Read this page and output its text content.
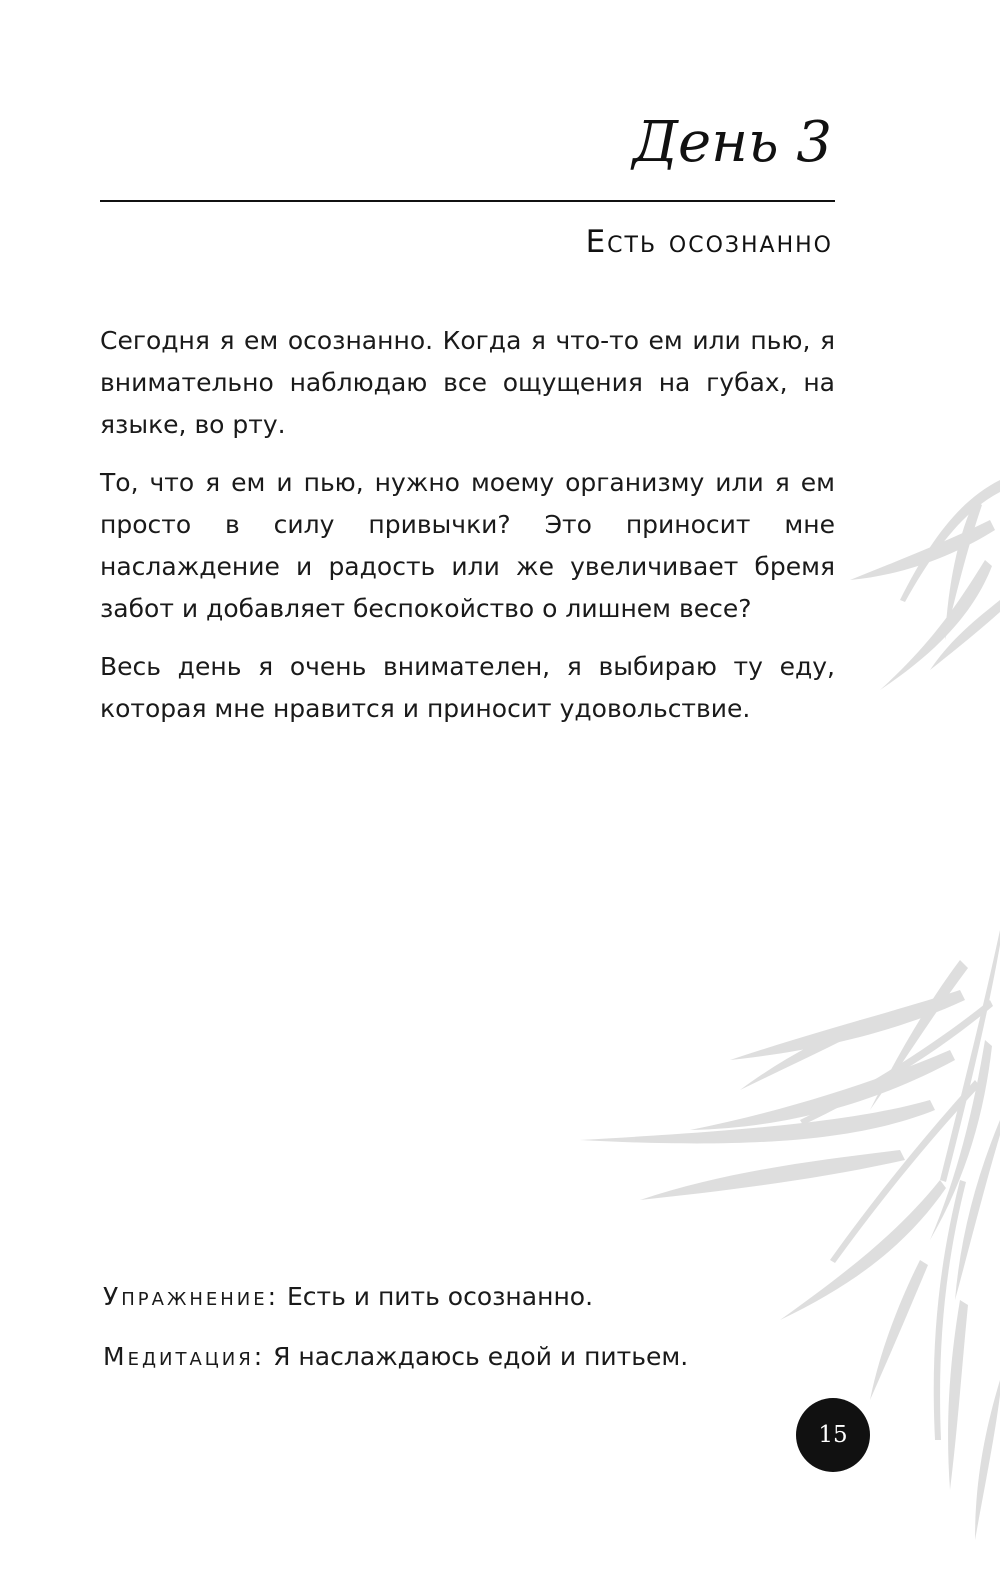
День 3
Есть осознанно

Сегодня я ем осознанно. Когда я что-то ем или пью, я внимательно наблюдаю все ощущения на губах, на языке, во рту.

То, что я ем и пью, нужно моему организму или я ем просто в силу привычки? Это приносит мне наслаждение и радость или же увеличивает бремя забот и добавляет беспокойство о лишнем весе?

Весь день я очень внимателен, я выбираю ту еду, которая мне нравится и приносит удовольствие.

Упражнение: Есть и пить осознанно.
Медитация: Я наслаждаюсь едой и питьем.
15
